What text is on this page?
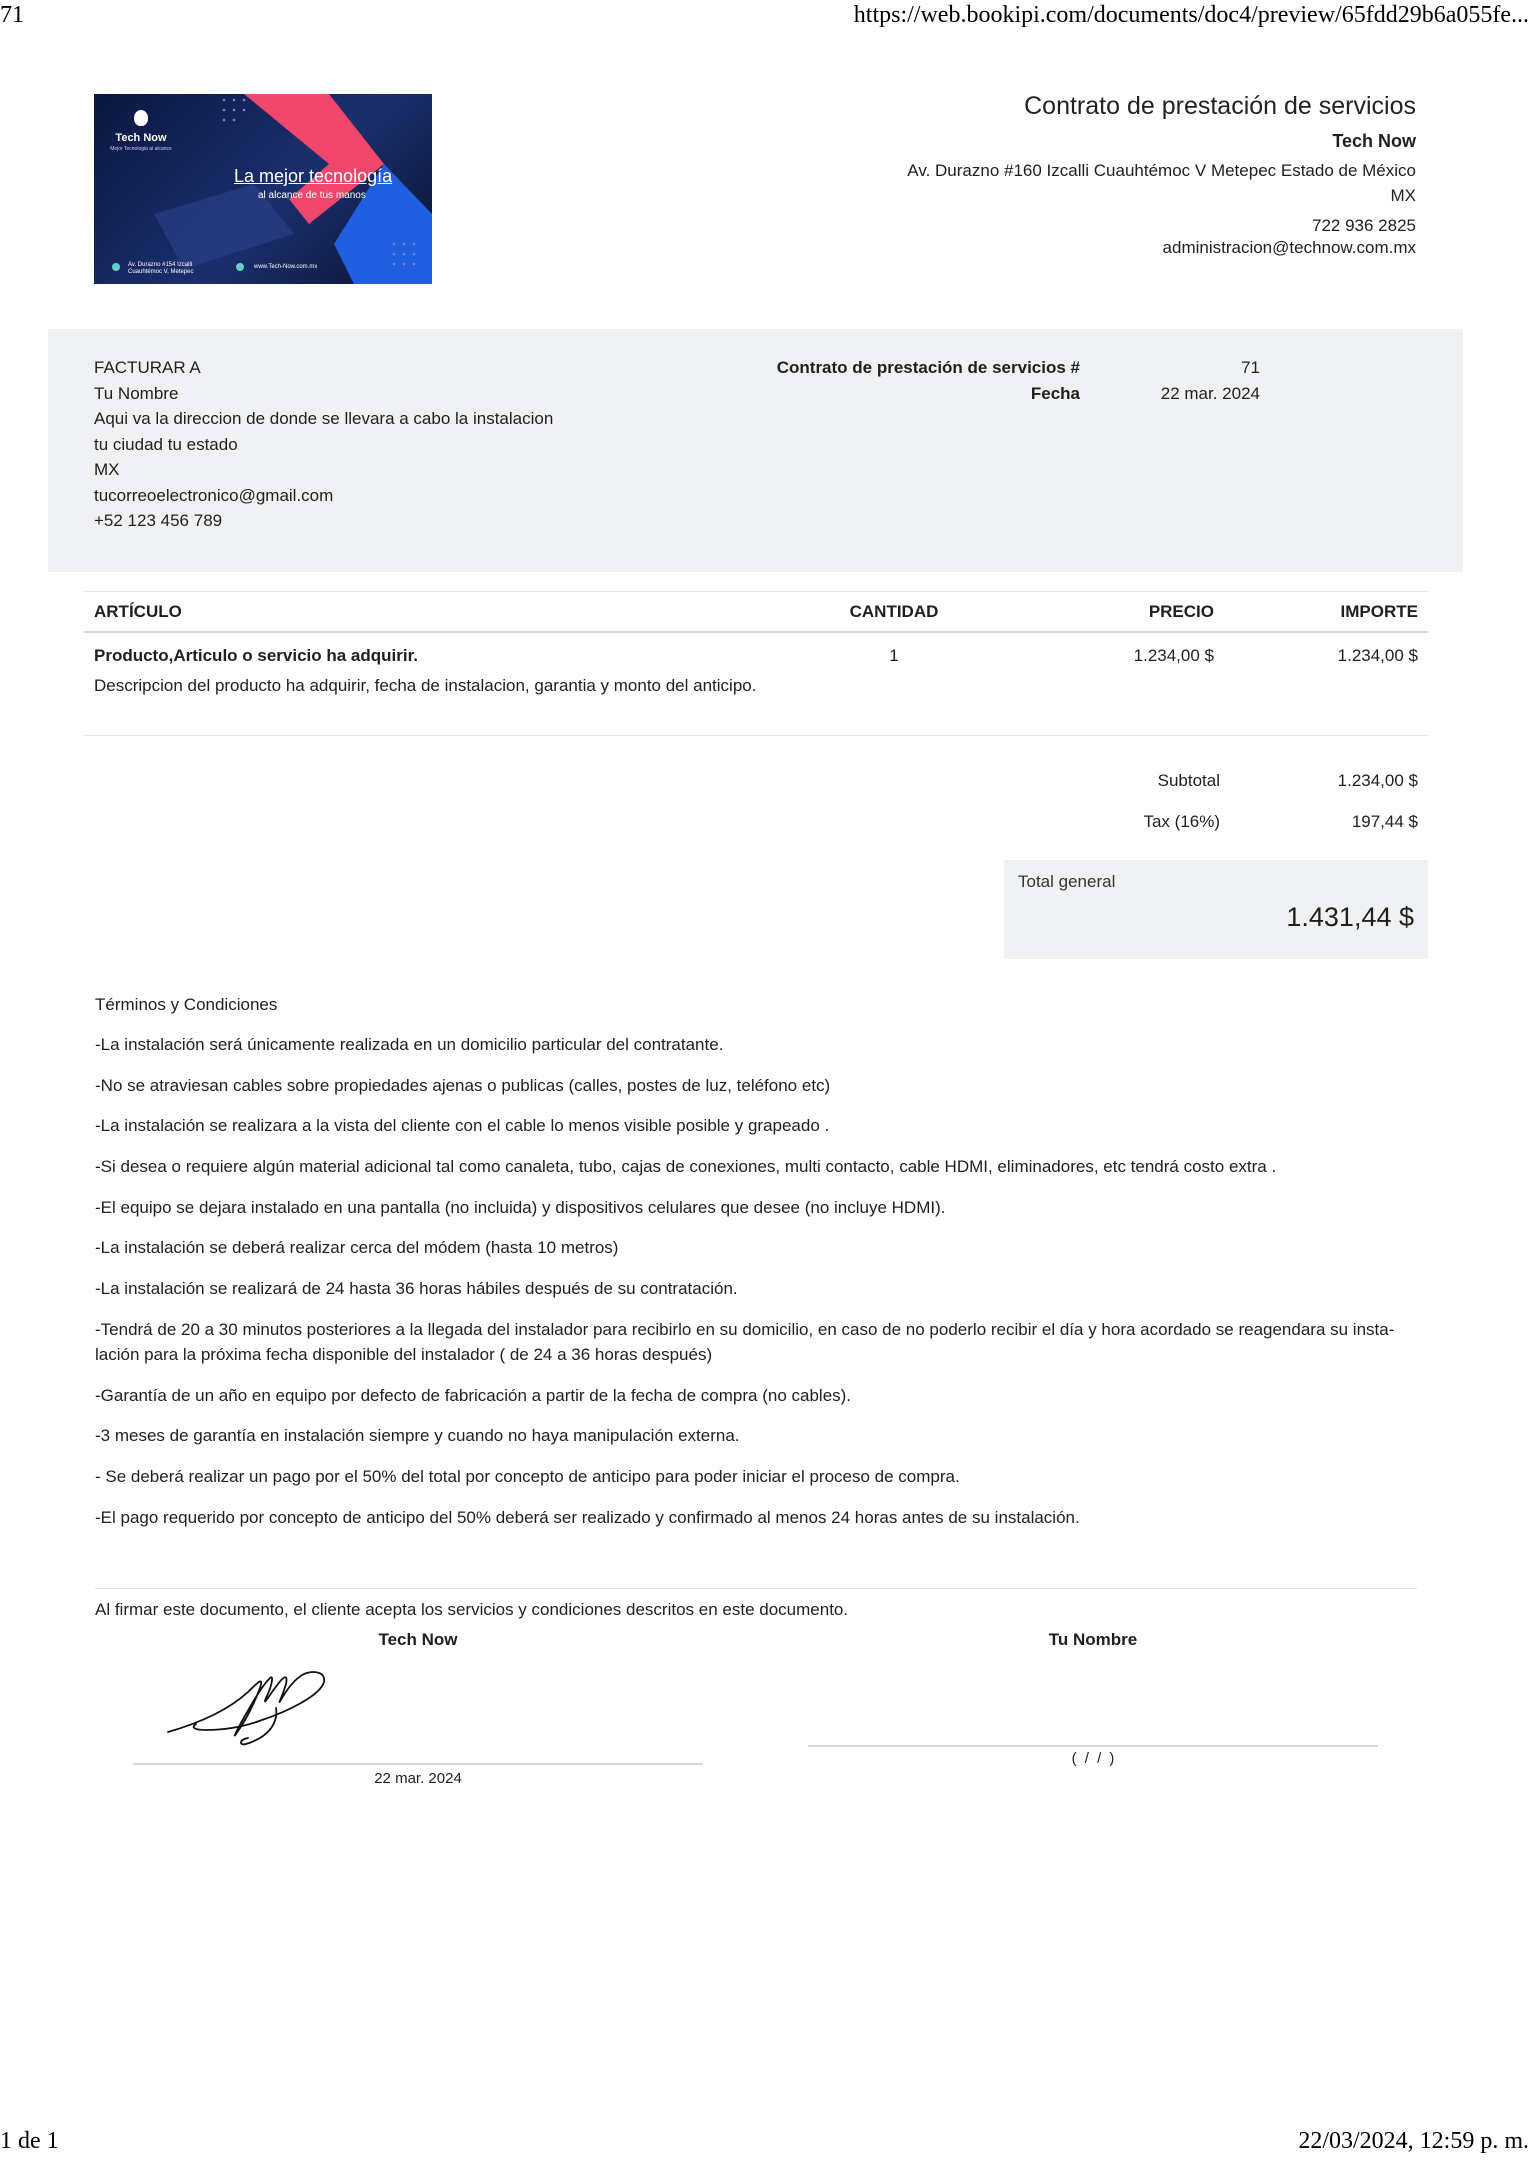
71	https://web.bookipi.com/documents/doc4/preview/65fdd29b6a055fe...
Tech Now
Mejor Tecnologia al alcance
La mejor tecnología
al alcance de tus manos
Av. Durazno #154 Izcalli
Cuauhtémoc V, Metepec
www.Tech-Now.com.mx
Contrato de prestación de servicios
Tech Now
Av. Durazno #160 Izcalli Cuauhtémoc V Metepec Estado de México MX
722 936 2825
administracion@technow.com.mx
FACTURAR A
Tu Nombre
Aqui va la direccion de donde se llevara a cabo la instalacion
tu ciudad tu estado
MX
tucorreoelectronico@gmail.com
+52 123 456 789
Contrato de prestación de servicios #	71
Fecha	22 mar. 2024
ARTÍCULO	CANTIDAD	PRECIO	IMPORTE
Producto,Articulo o servicio ha adquirir.	1	1.234,00 $	1.234,00 $
Descripcion del producto ha adquirir, fecha de instalacion, garantia y monto del anticipo.
Subtotal	1.234,00 $
Tax (16%)	197,44 $
Total general
1.431,44 $
Términos y Condiciones
-La instalación será únicamente realizada en un domicilio particular del contratante.
-No se atraviesan cables sobre propiedades ajenas o publicas (calles, postes de luz, teléfono etc)
-La instalación se realizara a la vista del cliente con el cable lo menos visible posible y grapeado .
-Si desea o requiere algún material adicional tal como canaleta, tubo, cajas de conexiones, multi contacto, cable HDMI, eliminadores, etc tendrá costo extra .
-El equipo se dejara instalado en una pantalla (no incluida) y dispositivos celulares que desee (no incluye HDMI).
-La instalación se deberá realizar cerca del módem (hasta 10 metros)
-La instalación se realizará de 24 hasta 36 horas hábiles después de su contratación.
-Tendrá de 20 a 30 minutos posteriores a la llegada del instalador para recibirlo en su domicilio, en caso de no poderlo recibir el día y hora acordado se reagendara su insta-lación para la próxima fecha disponible del instalador ( de 24 a 36 horas después)
-Garantía de un año en equipo por defecto de fabricación a partir de la fecha de compra (no cables).
-3 meses de garantía en instalación siempre y cuando no haya manipulación externa.
- Se deberá realizar un pago por el 50% del total por concepto de anticipo para poder iniciar el proceso de compra.
-El pago requerido por concepto de anticipo del 50% deberá ser realizado y confirmado al menos 24 horas antes de su instalación.
Al firmar este documento, el cliente acepta los servicios y condiciones descritos en este documento.
Tech Now	Tu Nombre
22 mar. 2024
( / / )
1 de 1	22/03/2024, 12:59 p. m.
